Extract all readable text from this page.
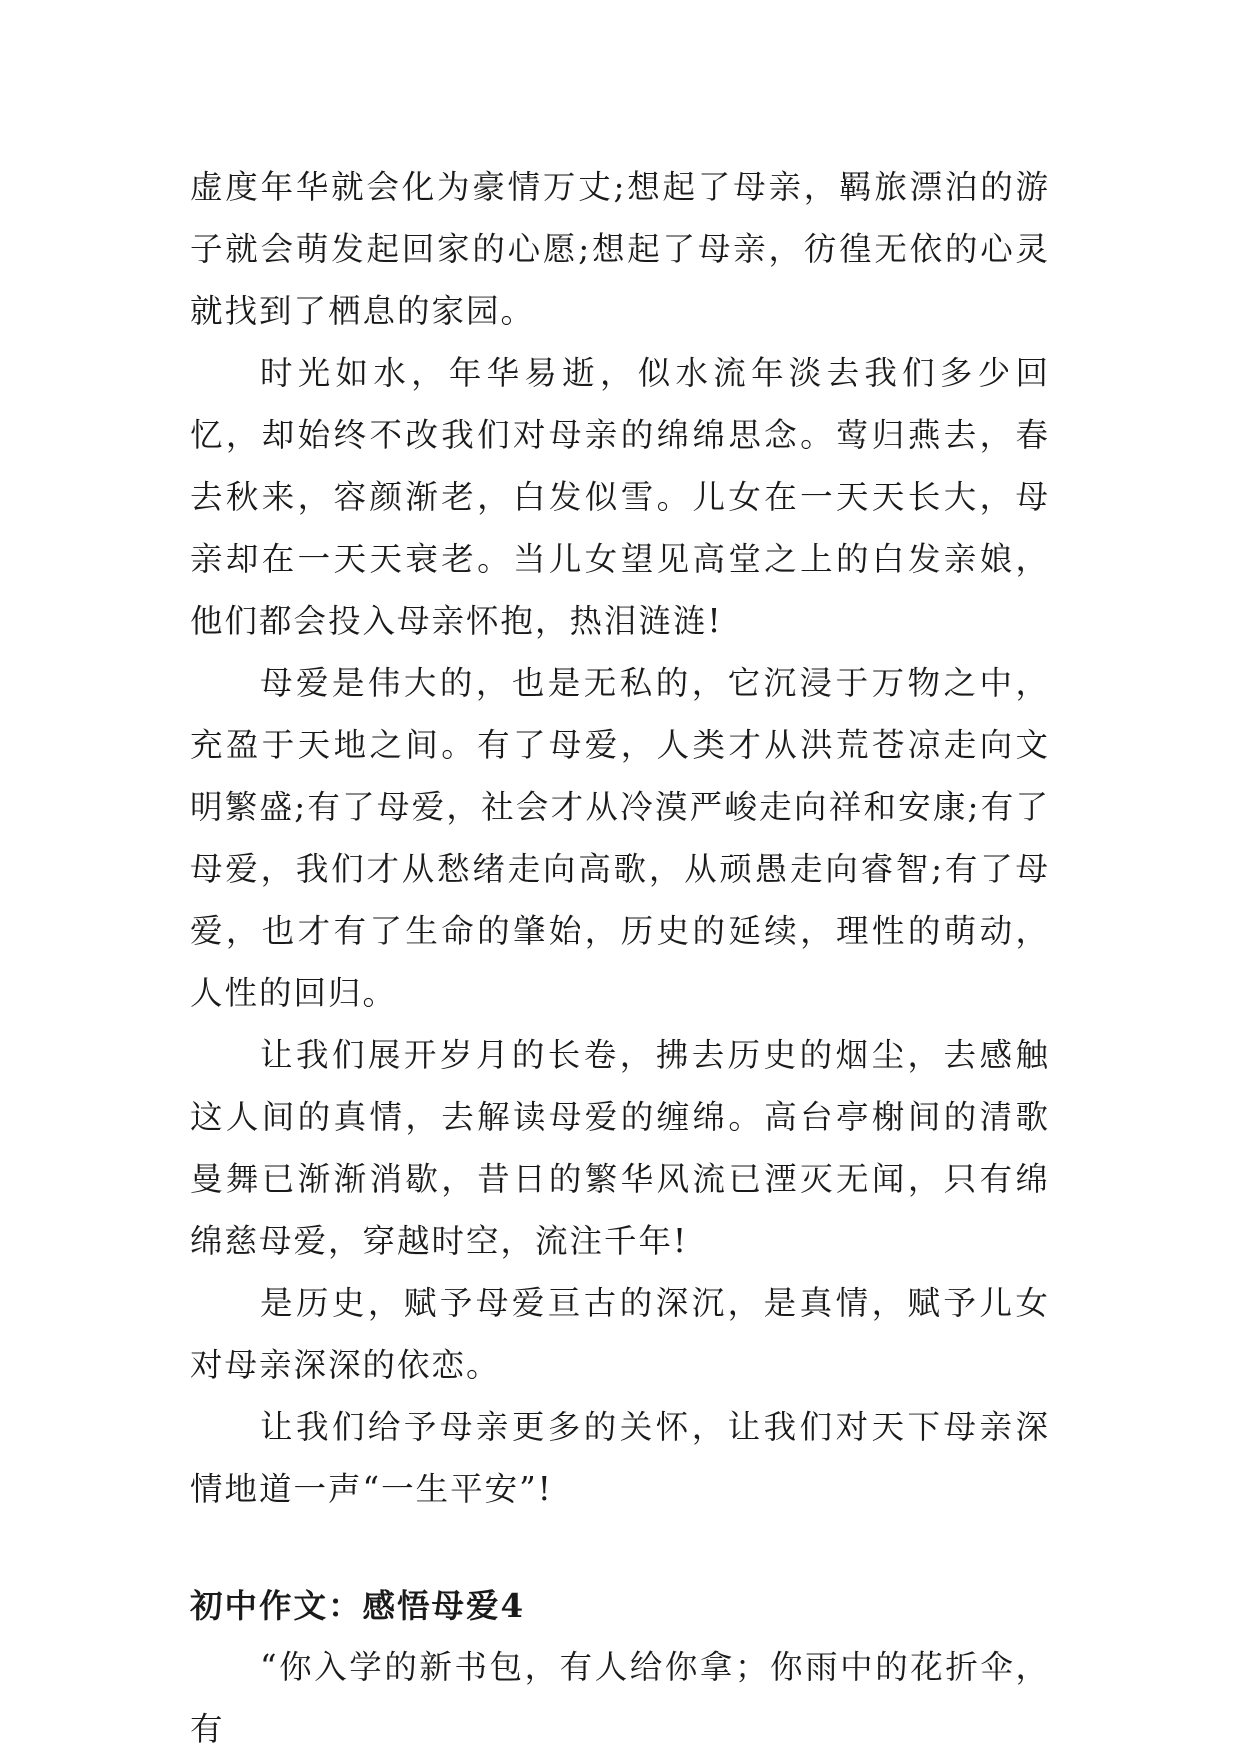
虚度年华就会化为豪情万丈;想起了母亲，羁旅漂泊的游子就会萌发起回家的心愿;想起了母亲，彷徨无依的心灵就找到了栖息的家园。

时光如水，年华易逝，似水流年淡去我们多少回忆，却始终不改我们对母亲的绵绵思念。莺归燕去，春去秋来，容颜渐老，白发似雪。儿女在一天天长大，母亲却在一天天衰老。当儿女望见高堂之上的白发亲娘，他们都会投入母亲怀抱，热泪涟涟!

母爱是伟大的，也是无私的，它沉浸于万物之中，充盈于天地之间。有了母爱，人类才从洪荒苍凉走向文明繁盛;有了母爱，社会才从冷漠严峻走向祥和安康;有了母爱，我们才从愁绪走向高歌，从顽愚走向睿智;有了母爱，也才有了生命的肇始，历史的延续，理性的萌动，人性的回归。

让我们展开岁月的长卷，拂去历史的烟尘，去感触这人间的真情，去解读母爱的缠绵。高台亭榭间的清歌曼舞已渐渐消歇，昔日的繁华风流已湮灭无闻，只有绵绵慈母爱，穿越时空，流注千年!

是历史，赋予母爱亘古的深沉，是真情，赋予儿女对母亲深深的依恋。

让我们给予母亲更多的关怀，让我们对天下母亲深情地道一声“一生平安”!

初中作文：感悟母爱4

“你入学的新书包，有人给你拿；你雨中的花折伞，有
